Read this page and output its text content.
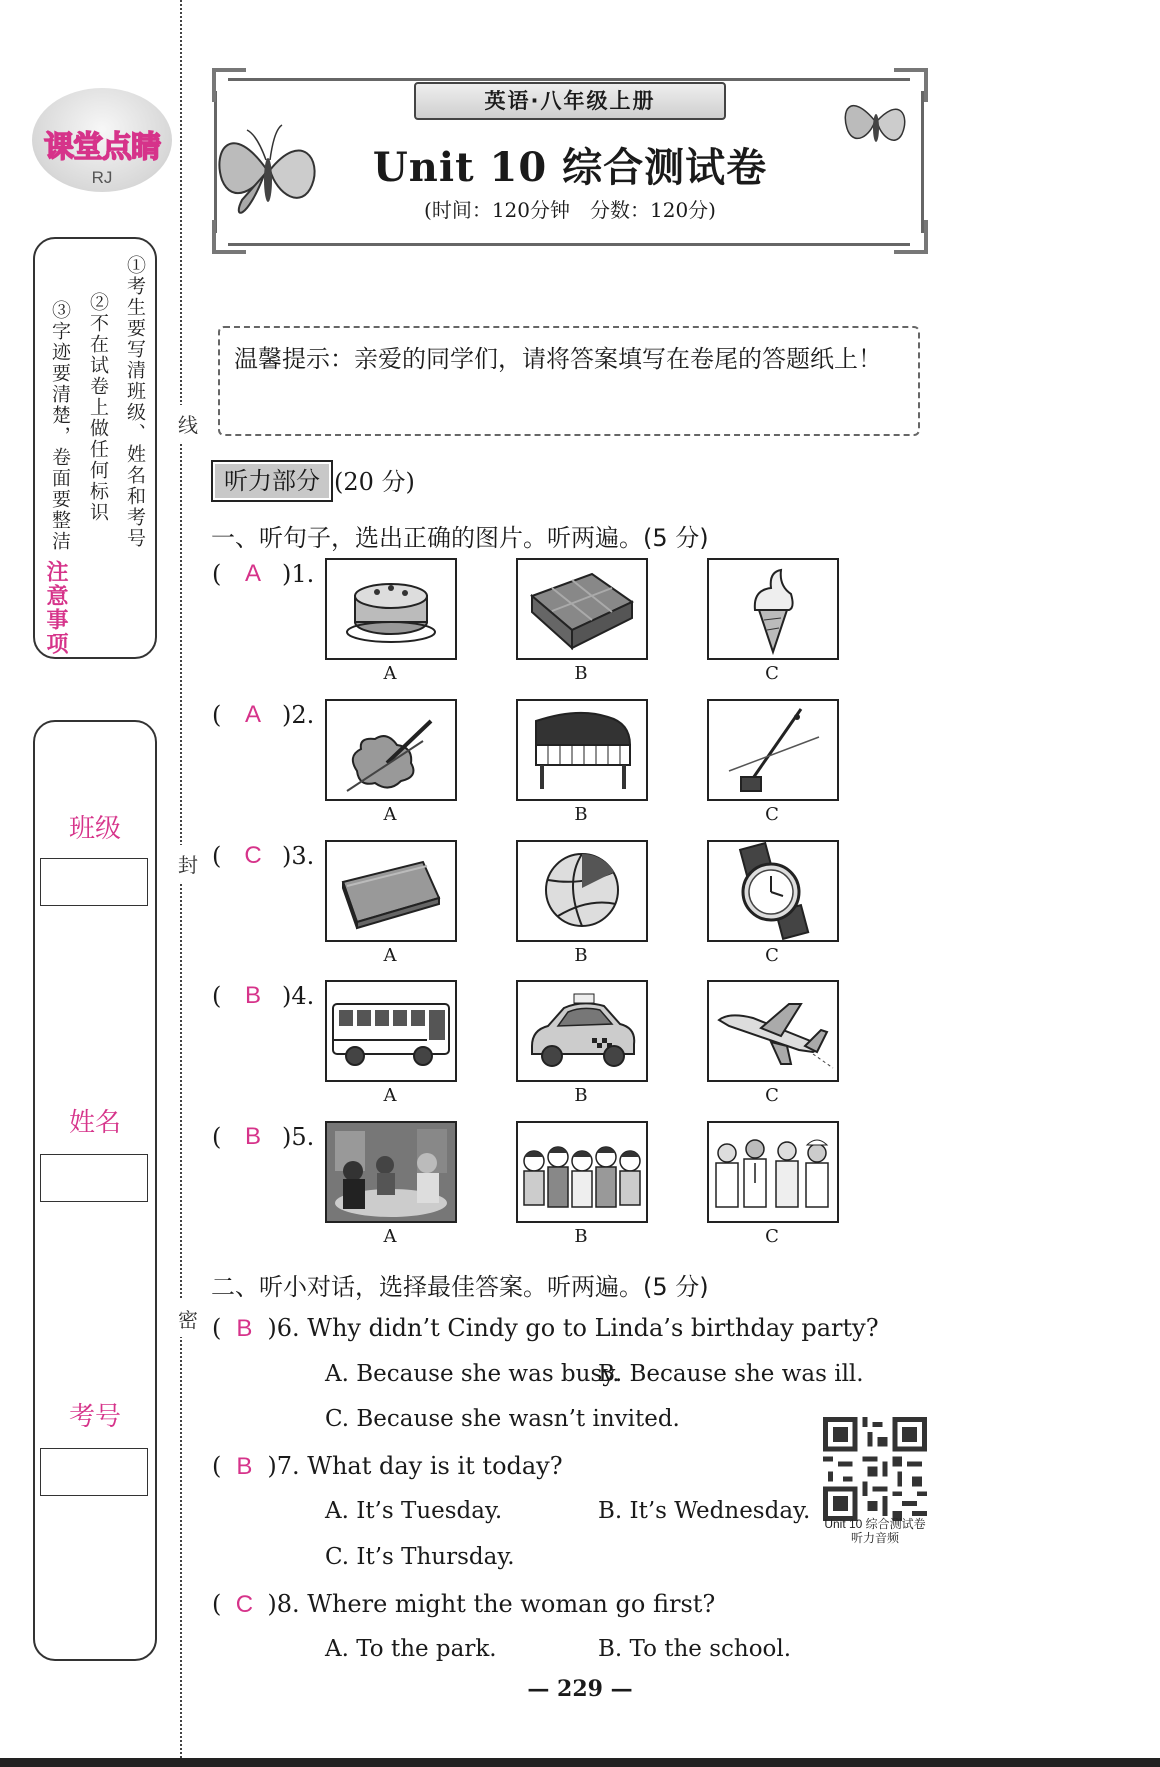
线
封
密
课堂点睛
RJ
①考生要写清班级、姓名和考号
②不在试卷上做任何标识
③字迹要清楚，卷面要整洁
注意事项
班级
姓名
考号
英语·八年级上册
Unit 10 综合测试卷
(时间：120分钟　分数：120分)
温馨提示：亲爱的同学们，请将答案填写在卷尾的答题纸上！
听力部分 (20 分)
一、听句子，选出正确的图片。听两遍。(5 分)
( A )1.
A	B	C
( A )2.
A	B	C
( C )3.
A	B	C
( B )4.
A	B	C
( B )5.
A	B	C
二、听小对话，选择最佳答案。听两遍。(5 分)
( B )6. Why didn’t Cindy go to Linda’s birthday party?
A. Because she was busy.
B. Because she was ill.
C. Because she wasn’t invited.
( B )7. What day is it today?
A. It’s Tuesday.	B. It’s Wednesday.
C. It’s Thursday.
( C )8. Where might the woman go first?
A. To the park.	B. To the school.
Unit 10 综合测试卷
听力音频
— 229 —
